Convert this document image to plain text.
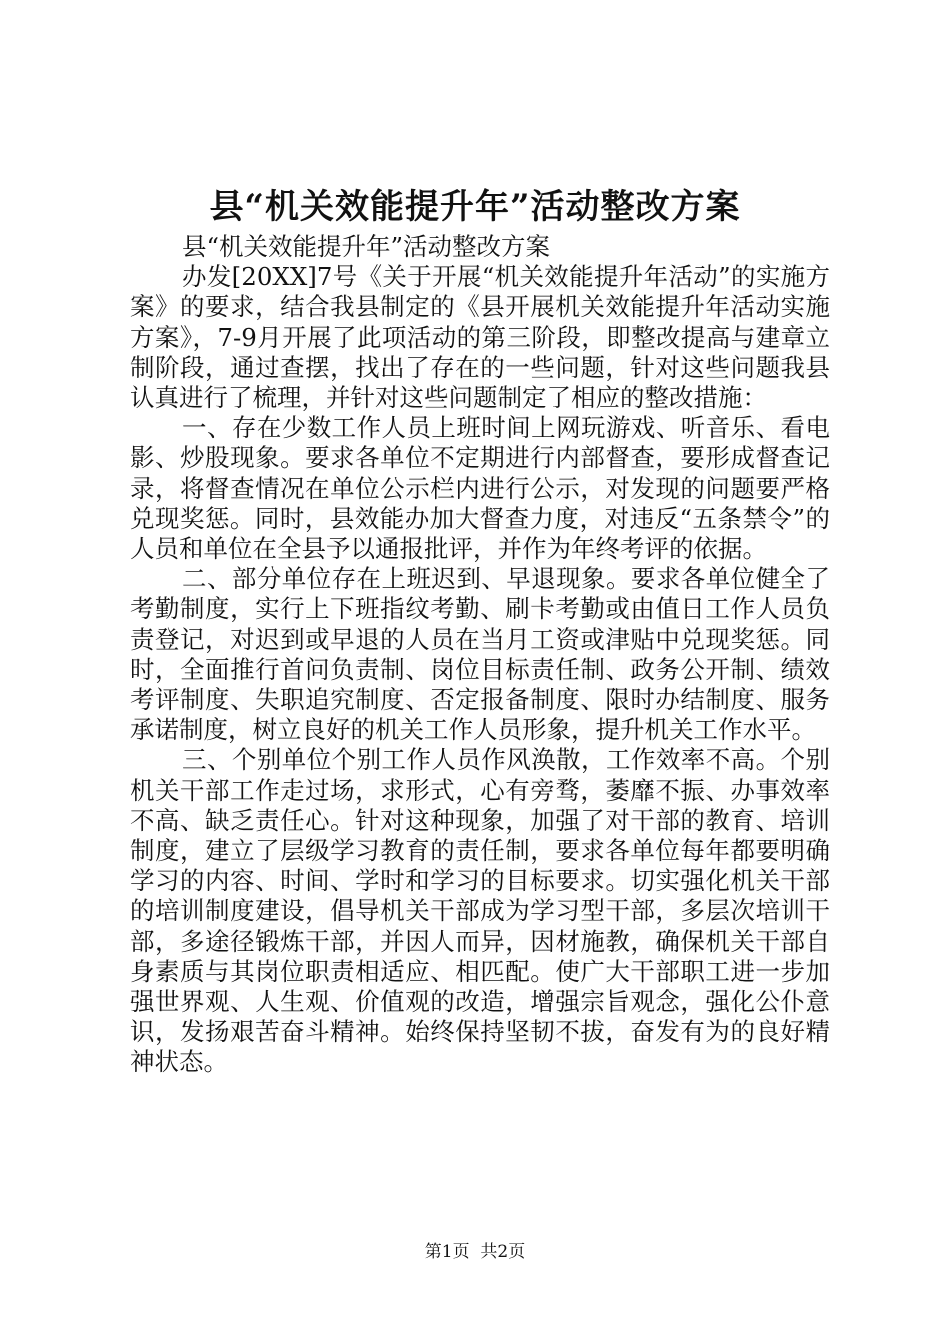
县“机关效能提升年”活动整改方案

县“机关效能提升年”活动整改方案

办发[20XX]7号《关于开展“机关效能提升年活动”的实施方案》的要求，结合我县制定的《县开展机关效能提升年活动实施方案》，7-9月开展了此项活动的第三阶段，即整改提高与建章立制阶段，通过查摆，找出了存在的一些问题，针对这些问题我县认真进行了梳理，并针对这些问题制定了相应的整改措施：

一、存在少数工作人员上班时间上网玩游戏、听音乐、看电影、炒股现象。要求各单位不定期进行内部督查，要形成督查记录，将督查情况在单位公示栏内进行公示，对发现的问题要严格兑现奖惩。同时，县效能办加大督查力度，对违反“五条禁令”的人员和单位在全县予以通报批评，并作为年终考评的依据。

二、部分单位存在上班迟到、早退现象。要求各单位健全了考勤制度，实行上下班指纹考勤、刷卡考勤或由值日工作人员负责登记，对迟到或早退的人员在当月工资或津贴中兑现奖惩。同时，全面推行首问负责制、岗位目标责任制、政务公开制、绩效考评制度、失职追究制度、否定报备制度、限时办结制度、服务承诺制度，树立良好的机关工作人员形象，提升机关工作水平。

三、个别单位个别工作人员作风涣散，工作效率不高。个别机关干部工作走过场，求形式，心有旁骛，萎靡不振、办事效率不高、缺乏责任心。针对这种现象，加强了对干部的教育、培训制度，建立了层级学习教育的责任制，要求各单位每年都要明确学习的内容、时间、学时和学习的目标要求。切实强化机关干部的培训制度建设，倡导机关干部成为学习型干部，多层次培训干部，多途径锻炼干部，并因人而异，因材施教，确保机关干部自身素质与其岗位职责相适应、相匹配。使广大干部职工进一步加强世界观、人生观、价值观的改造，增强宗旨观念，强化公仆意识，发扬艰苦奋斗精神。始终保持坚韧不拔，奋发有为的良好精神状态。

第1页 共2页
